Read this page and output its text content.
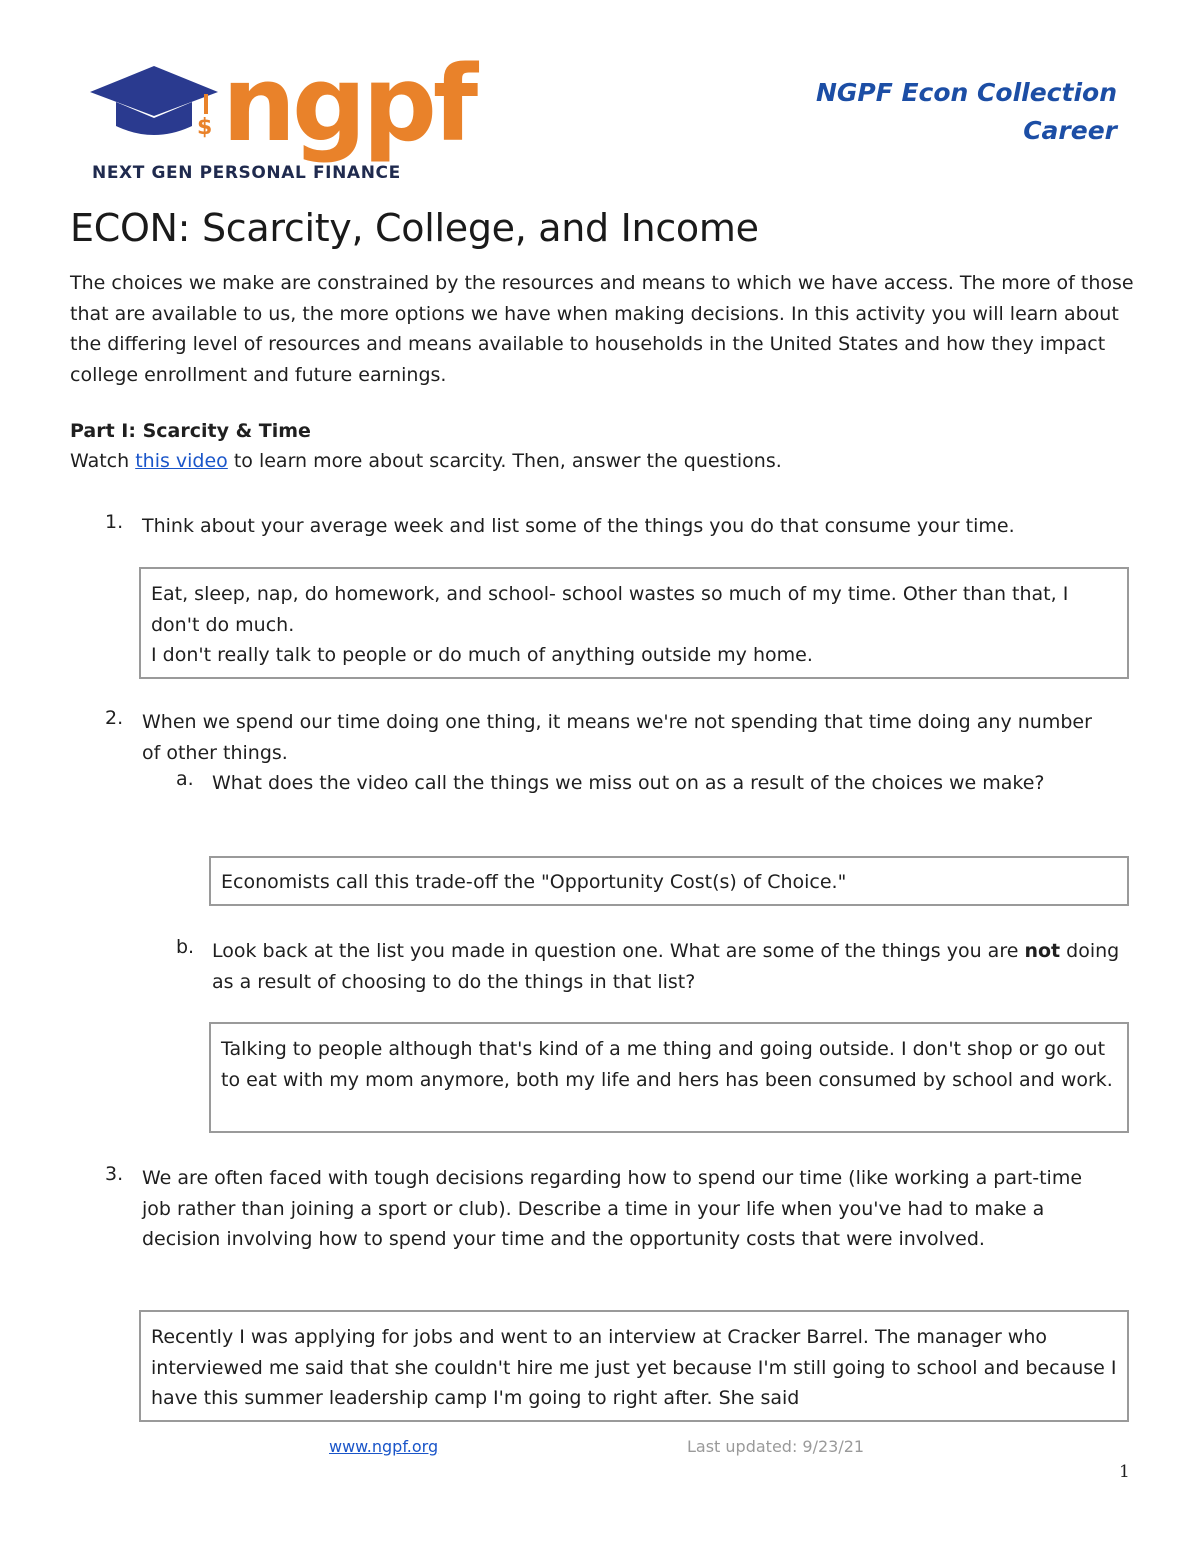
$ ngpf
NEXT GEN PERSONAL FINANCE
NGPF Econ Collection
Career
ECON: Scarcity, College, and Income
The choices we make are constrained by the resources and means to which we have access. The more of those that are available to us, the more options we have when making decisions. In this activity you will learn about the differing level of resources and means available to households in the United States and how they impact college enrollment and future earnings.
Part I: Scarcity & Time
Watch this video to learn more about scarcity. Then, answer the questions.
1. Think about your average week and list some of the things you do that consume your time.
Eat, sleep, nap, do homework, and school- school wastes so much of my time. Other than that, I don't do much.
I don't really talk to people or do much of anything outside my home.
2. When we spend our time doing one thing, it means we're not spending that time doing any number of other things.
a. What does the video call the things we miss out on as a result of the choices we make?
Economists call this trade-off the "Opportunity Cost(s) of Choice."
b. Look back at the list you made in question one. What are some of the things you are not doing as a result of choosing to do the things in that list?
Talking to people although that's kind of a me thing and going outside. I don't shop or go out to eat with my mom anymore, both my life and hers has been consumed by school and work.
3. We are often faced with tough decisions regarding how to spend our time (like working a part-time job rather than joining a sport or club). Describe a time in your life when you've had to make a decision involving how to spend your time and the opportunity costs that were involved.
Recently I was applying for jobs and went to an interview at Cracker Barrel. The manager who interviewed me said that she couldn't hire me just yet because I'm still going to school and because I have this summer leadership camp I'm going to right after. She said
www.ngpf.org	Last updated: 9/23/21
1
